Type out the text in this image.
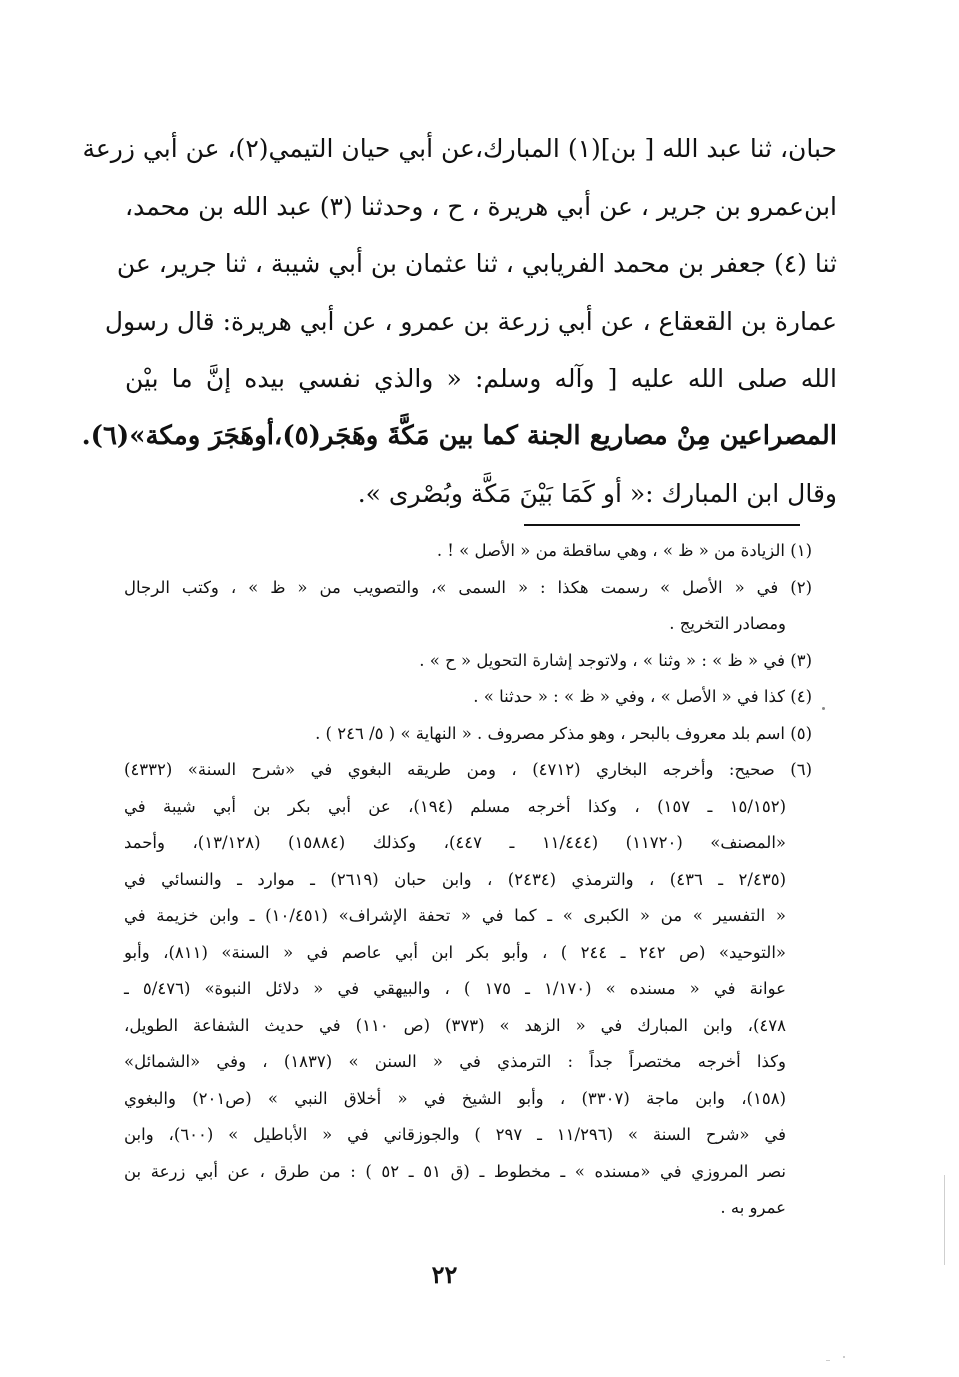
حبان، ثنا عبد الله [ بن](١) المبارك،عن أبي حيان التيمي(٢)، عن أبي زرعة
ابن‌عمرو بن جرير ، عن أبي هريرة ، ح ، وحدثنا (٣) عبد الله بن محمد،
ثنا (٤) جعفر بن محمد الفريابي ، ثنا عثمان بن أبي شيبة ، ثنا جرير، عن
عمارة بن القعقاع ، عن أبي زرعة بن عمرو ، عن أبي هريرة: قال رسول
الله صلى الله عليه [ وآله وسلم: « والذي نفسي بيده إنَّ ما بيْن
المصراعين مِنْ مصاريع الجنة كما بين مَكَّةَ وهَجَر(٥)،أوهَجَرَ ومكة»(٦).
وقال ابن المبارك :« أو كَمَا بَيْنَ مَكَّة وبُصْرى ».
(١) الزيادة من « ظ » ، وهي ساقطة من « الأصل » ! .
(٢) في « الأصل » رسمت هكذا : « السمى »، والتصويب من « ظ » ، وكتب الرجال
ومصادر التخريج .
(٣) في « ظ » : « وثنا » ، ولاتوجد إشارة التحويل « ح » .
(٤) كذا في « الأصل » ، وفي « ظ » : « حدثنا » .
(٥) اسم بلد معروف بالبحر ، وهو مذكر مصروف . « النهاية » ( ٥/ ٢٤٦ ) .
(٦) صحيح: وأخرجه البخاري (٤٧١٢) ، ومن طريقه البغوي في «شرح السنة» (٤٣٣٢)
(١٥/١٥٢ ـ ١٥٧) ، وكذا أخرجه مسلم (١٩٤)، عن أبي بكر بن أبي شيبة في
«المصنف» (١١٧٢٠) (١١/٤٤٤ ـ ٤٤٧)، وكذلك (١٥٨٨٤) (١٣/١٢٨)، وأحمد
(٢/٤٣٥ ـ ٤٣٦) ، والترمذي (٢٤٣٤) ، وابن حبان (٢٦١٩) ـ موارد ـ والنسائي في
« التفسير » من « الكبرى » ـ كما في « تحفة الإشراف» (١٠/٤٥١) ـ وابن خزيمة في
«التوحيد» (ص ٢٤٢ ـ ٢٤٤ ) ، وأبو بكر ابن أبي عاصم في « السنة» (٨١١)، وأبو
عوانة في « مسنده » (١/١٧٠ ـ ١٧٥ ) ، والبيهقي في « دلائل النبوة» (٥/٤٧٦ ـ
٤٧٨)، وابن المبارك في « الزهد » (٣٧٣) (ص ١١٠) في حديث الشفاعة الطويل،
وكذا أخرجه مختصراً جداً : الترمذي في « السنن » (١٨٣٧) ، وفي «الشمائل»
(١٥٨)، وابن ماجة (٣٣٠٧) ، وأبو الشيخ في « أخلاق النبي » (ص٢٠١) والبغوي
في «شرح السنة » (١١/٢٩٦ ـ ٢٩٧ ) والجوزقاني في « الأباطيل » (٦٠٠)، وابن
نصر المروزي في «مسنده » ـ مخطوط ـ (ق ٥١ ـ ٥٢ ) : من طرق ، عن أبي زرعة بن
عمرو به .
٢٢
